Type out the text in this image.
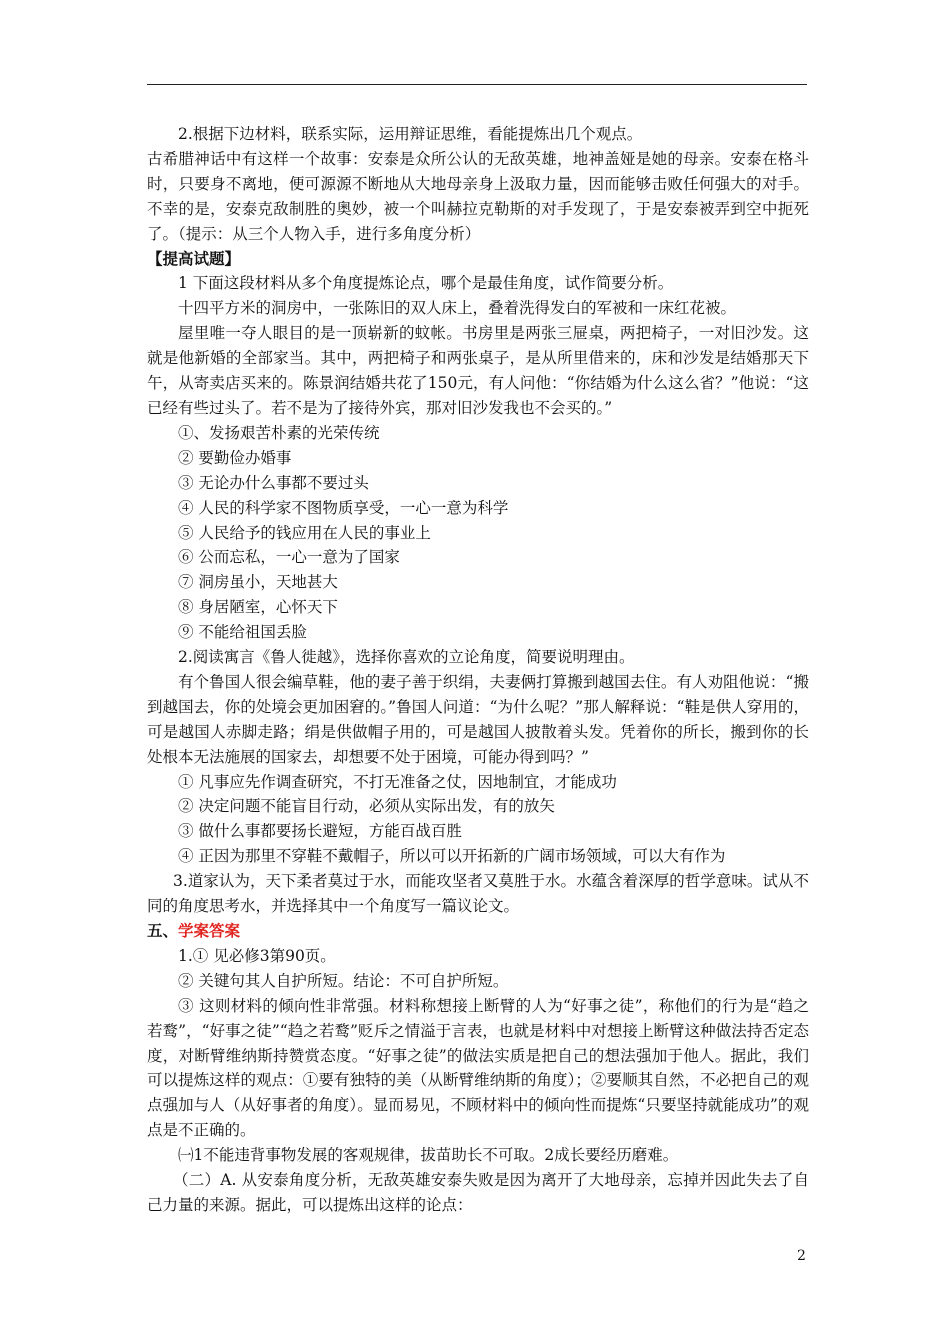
2.根据下边材料，联系实际，运用辩证思维，看能提炼出几个观点。

古希腊神话中有这样一个故事：安泰是众所公认的无敌英雄，地神盖娅是她的母亲。安泰在格斗时，只要身不离地，便可源源不断地从大地母亲身上汲取力量，因而能够击败任何强大的对手。不幸的是，安泰克敌制胜的奥妙，被一个叫赫拉克勒斯的对手发现了，于是安泰被弄到空中扼死了。（提示：从三个人物入手，进行多角度分析）

【提高试题】

1 下面这段材料从多个角度提炼论点，哪个是最佳角度，试作简要分析。

十四平方米的洞房中，一张陈旧的双人床上，叠着洗得发白的军被和一床红花被。

屋里唯一夺人眼目的是一顶崭新的蚊帐。书房里是两张三屉桌，两把椅子，一对旧沙发。这就是他新婚的全部家当。其中，两把椅子和两张桌子，是从所里借来的，床和沙发是结婚那天下午，从寄卖店买来的。陈景润结婚共花了150元，有人问他：“你结婚为什么这么省？”他说：“这已经有些过头了。若不是为了接待外宾，那对旧沙发我也不会买的。”

①、发扬艰苦朴素的光荣传统

② 要勤俭办婚事

③ 无论办什么事都不要过头

④ 人民的科学家不图物质享受，一心一意为科学

⑤ 人民给予的钱应用在人民的事业上

⑥ 公而忘私，一心一意为了国家

⑦ 洞房虽小，天地甚大

⑧ 身居陋室，心怀天下

⑨ 不能给祖国丢脸

2.阅读寓言《鲁人徙越》，选择你喜欢的立论角度，简要说明理由。

有个鲁国人很会编草鞋，他的妻子善于织绢，夫妻俩打算搬到越国去住。有人劝阻他说：“搬到越国去，你的处境会更加困窘的。”鲁国人问道：“为什么呢？”那人解释说：“鞋是供人穿用的，可是越国人赤脚走路；绢是供做帽子用的，可是越国人披散着头发。凭着你的所长，搬到你的长处根本无法施展的国家去，却想要不处于困境，可能办得到吗？”

① 凡事应先作调查研究，不打无准备之仗，因地制宜，才能成功

② 决定问题不能盲目行动，必须从实际出发，有的放矢

③ 做什么事都要扬长避短，方能百战百胜

④ 正因为那里不穿鞋不戴帽子，所以可以开拓新的广阔市场领域，可以大有作为

3.道家认为，天下柔者莫过于水，而能攻坚者又莫胜于水。水蕴含着深厚的哲学意味。试从不同的角度思考水，并选择其中一个角度写一篇议论文。

五、学案答案

1.① 见必修3第90页。

② 关键句其人自护所短。结论：不可自护所短。

③ 这则材料的倾向性非常强。材料称想接上断臂的人为“好事之徒”，称他们的行为是“趋之若鹜”，“好事之徒”“趋之若鹜”贬斥之情溢于言表，也就是材料中对想接上断臂这种做法持否定态度，对断臂维纳斯持赞赏态度。“好事之徒”的做法实质是把自己的想法强加于他人。据此，我们可以提炼这样的观点：①要有独特的美（从断臂维纳斯的角度）；②要顺其自然，不必把自己的观点强加与人（从好事者的角度）。显而易见，不顾材料中的倾向性而提炼“只要坚持就能成功”的观点是不正确的。

㈠1不能违背事物发展的客观规律，拔苗助长不可取。2成长要经历磨难。

（二）A. 从安泰角度分析，无敌英雄安泰失败是因为离开了大地母亲，忘掉并因此失去了自己力量的来源。据此，可以提炼出这样的论点：

2
